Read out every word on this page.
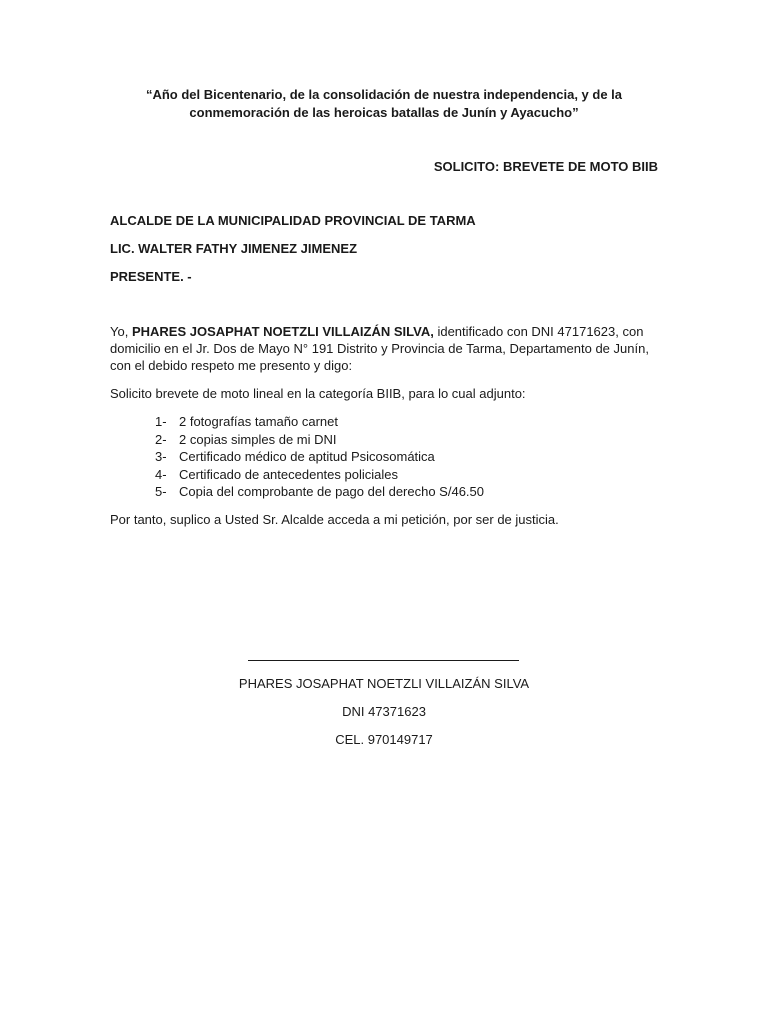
“Año del Bicentenario, de la consolidación de nuestra independencia, y de la
conmemoración de las heroicas batallas de Junín y Ayacucho”
SOLICITO: BREVETE DE MOTO BIIB
ALCALDE DE LA MUNICIPALIDAD PROVINCIAL DE TARMA
LIC. WALTER FATHY JIMENEZ JIMENEZ
PRESENTE. -
Yo, PHARES JOSAPHAT NOETZLI VILLAIZÁN SILVA, identificado con DNI 47171623, con
domicilio en el Jr. Dos de Mayo N° 191 Distrito y Provincia de Tarma, Departamento de Junín,
con el debido respeto me presento y digo:
Solicito brevete de moto lineal en la categoría BIIB, para lo cual adjunto:
1- 2 fotografías tamaño carnet
2- 2 copias simples de mi DNI
3- Certificado médico de aptitud Psicosomática
4- Certificado de antecedentes policiales
5- Copia del comprobante de pago del derecho S/46.50
Por tanto, suplico a Usted Sr. Alcalde acceda a mi petición, por ser de justicia.
PHARES JOSAPHAT NOETZLI VILLAIZÁN SILVA
DNI 47371623
CEL. 970149717
